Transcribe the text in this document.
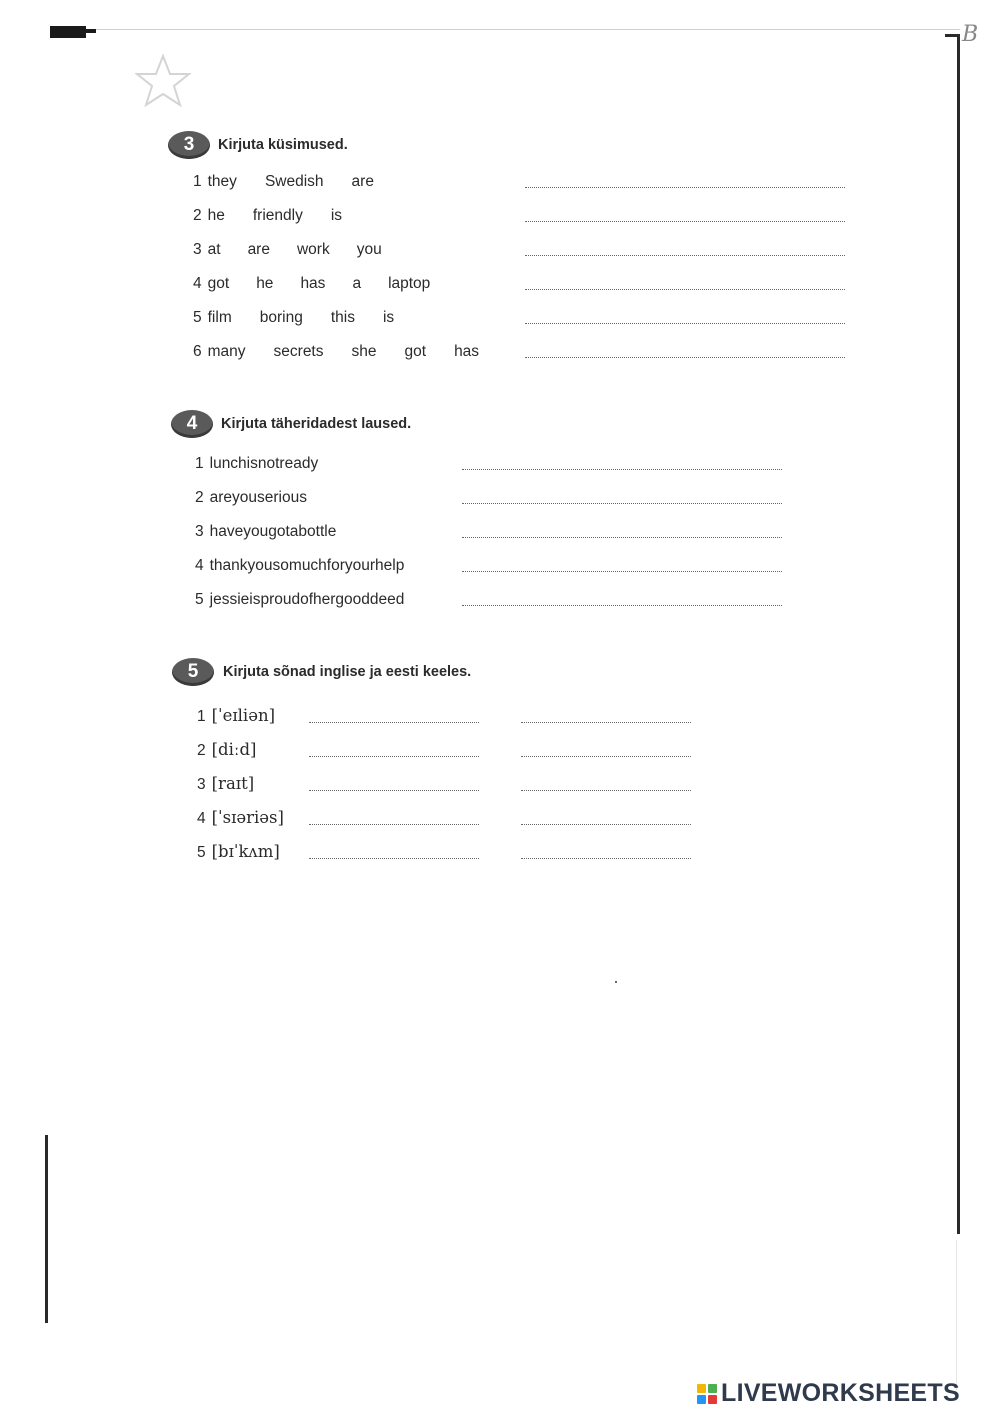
B
3	Kirjuta küsimused.
1 they Swedish are
2 he friendly is
3 at are work you
4 got he has a laptop
5 film boring this is
6 many secrets she got has
4	Kirjuta täheridadest laused.
1 lunchisnotready
2 areyouserious
3 haveyougotabottle
4 thankyousomuchforyourhelp
5 jessieisproudofhergooddeed
5	Kirjuta sõnad inglise ja eesti keeles.
1 [ˈeɪliən]
2 [diːd]
3 [raɪt]
4 [ˈsɪəriəs]
5 [bɪˈkʌm]
LIVEWORKSHEETS
